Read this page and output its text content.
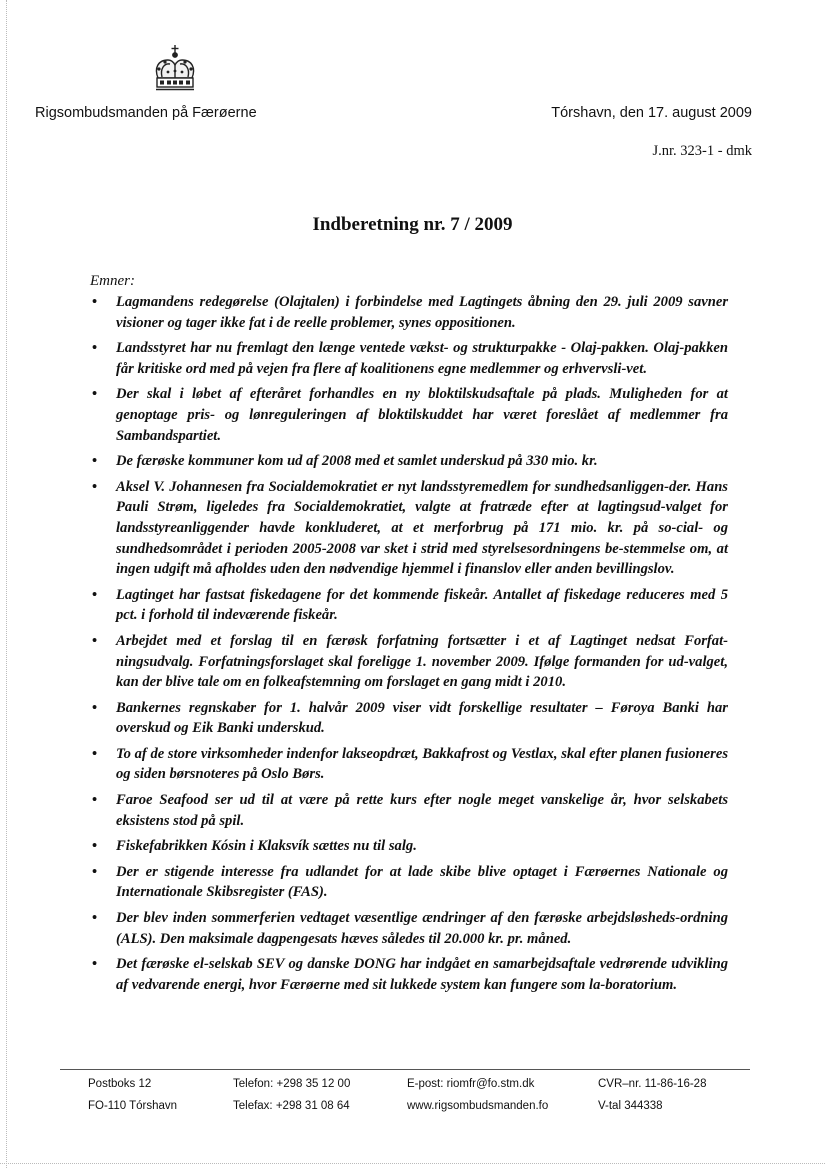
Rigsombudsmanden på Færøerne	Tórshavn, den 17. august 2009
J.nr. 323-1 - dmk
Indberetning nr. 7 / 2009
Emner:
• Lagmandens redegørelse (Olajtalen) i forbindelse med Lagtingets åbning den 29. juli 2009 savner visioner og tager ikke fat i de reelle problemer, synes oppositionen.
• Landsstyret har nu fremlagt den længe ventede vækst- og strukturpakke - Olaj-pakken. Olaj-pakken får kritiske ord med på vejen fra flere af koalitionens egne medlemmer og erhvervsli-vet.
• Der skal i løbet af efteråret forhandles en ny bloktilskudsaftale på plads. Muligheden for at genoptage pris- og lønreguleringen af bloktilskuddet har været foreslået af medlemmer fra Sambandspartiet.
• De færøske kommuner kom ud af 2008 med et samlet underskud på 330 mio. kr.
• Aksel V. Johannesen fra Socialdemokratiet er nyt landsstyremedlem for sundhedsanliggen-der. Hans Pauli Strøm, ligeledes fra Socialdemokratiet, valgte at fratræde efter at lagtingsud-valget for landsstyreanliggender havde konkluderet, at et merforbrug på 171 mio. kr. på so-cial- og sundhedsområdet i perioden 2005-2008 var sket i strid med styrelsesordningens be-stemmelse om, at ingen udgift må afholdes uden den nødvendige hjemmel i finanslov eller anden bevillingslov.
• Lagtinget har fastsat fiskedagene for det kommende fiskeår. Antallet af fiskedage reduceres med 5 pct. i forhold til indeværende fiskeår.
• Arbejdet med et forslag til en færøsk forfatning fortsætter i et af Lagtinget nedsat Forfat-ningsudvalg. Forfatningsforslaget skal foreligge 1. november 2009. Ifølge formanden for ud-valget, kan der blive tale om en folkeafstemning om forslaget en gang midt i 2010.
• Bankernes regnskaber for 1. halvår 2009 viser vidt forskellige resultater – Føroya Banki har overskud og Eik Banki underskud.
• To af de store virksomheder indenfor lakseopdræt, Bakkafrost og Vestlax, skal efter planen fusioneres og siden børsnoteres på Oslo Børs.
• Faroe Seafood ser ud til at være på rette kurs efter nogle meget vanskelige år, hvor selskabets eksistens stod på spil.
• Fiskefabrikken Kósin i Klaksvík sættes nu til salg.
• Der er stigende interesse fra udlandet for at lade skibe blive optaget i Færøernes Nationale og Internationale Skibsregister (FAS).
• Der blev inden sommerferien vedtaget væsentlige ændringer af den færøske arbejdsløsheds-ordning (ALS). Den maksimale dagpengesats hæves således til 20.000 kr. pr. måned.
• Det færøske el-selskab SEV og danske DONG har indgået en samarbejdsaftale vedrørende udvikling af vedvarende energi, hvor Færøerne med sit lukkede system kan fungere som la-boratorium.
Postboks 12
FO-110 Tórshavn
Telefon: +298 35 12 00
Telefax: +298 31 08 64
E-post: riomfr@fo.stm.dk
www.rigsombudsmanden.fo
CVR–nr. 11-86-16-28
V-tal 344338
